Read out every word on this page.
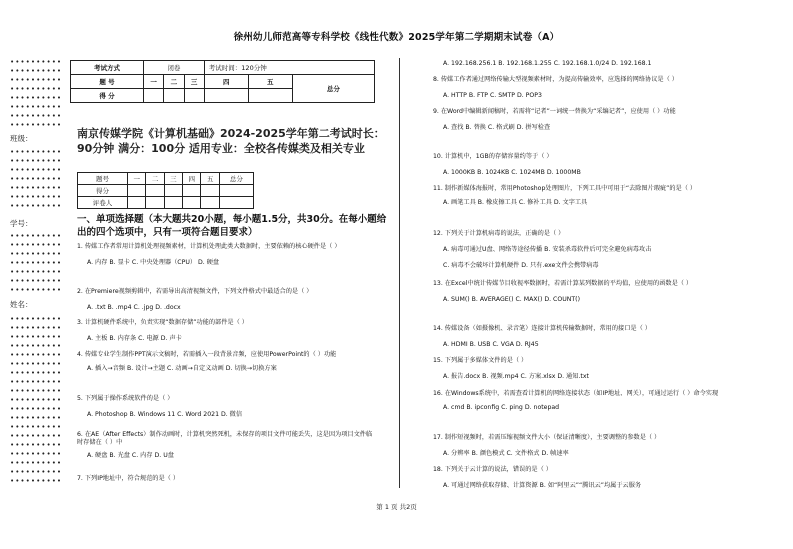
徐州幼儿师范高等专科学校《线性代数》2025学年第二学期期末试卷（A）
••••••••••
••••••••••
••••••••••
••••••••••
••••••••••
••••••••••
••••••••••
••••••••••
班级：
••••••••••
••••••••••
••••••••••
••••••••••
••••••••••
••••••••••
••••••••••
学号：
••••••••••
••••••••••
••••••••••
••••••••••
••••••••••
••••••••••
••••••••••
姓名：
••••••••••
••••••••••
••••••••••
••••••••••
••••••••••
••••••••••
••••••••••
••••••••••
••••••••••
••••••••••
••••••••••
••••••••••
••••••••••
••••••••••
••••••••••
••••••••••
••••••••••
••••••••••
••••••••••
考试方式	闭卷			考试时间：120分钟		
题 号	一	二	三	四	五	总分
得 分						
南京传媒学院《计算机基础》2024-2025学年第二考试时长：90分钟 满分：100分 适用专业：全校各传媒类及相关专业
题号	一	二	三	四	五	总分
得分						
评卷人						
一、单项选择题（本大题共20小题，每小题1.5分，共30分。在每小题给出的四个选项中，只有一项符合题目要求）
1. 传媒工作者常用计算机处理视频素材，计算机处理此类大数据时，主要依赖的核心硬件是（ ）
A. 内存 B. 显卡 C. 中央处理器（CPU） D. 硬盘
2. 在Premiere视频剪辑中，若需导出高清视频文件，下列文件格式中最适合的是（ ）
A. .txt B. .mp4 C. .jpg D. .docx
3. 计算机硬件系统中，负责实现“数据存储”功能的部件是（ ）
A. 主板 B. 内存条 C. 电源 D. 声卡
4. 传媒专业学生制作PPT演示文稿时，若需插入一段背景音频，应使用PowerPoint的（ ）功能
A. 插入→音频 B. 设计→主题 C. 动画→自定义动画 D. 切换→切换方案
5. 下列属于操作系统软件的是（ ）
A. Photoshop B. Windows 11 C. Word 2021 D. 微信
6. 在AE（After Effects）制作动画时，计算机突然死机，未保存的项目文件可能丢失，这是因为项目文件临时存储在（ ）中
A. 硬盘 B. 光盘 C. 内存 D. U盘
7. 下列IP地址中，符合规范的是（ ）
A. 192.168.256.1 B. 192.168.1.255 C. 192.168.1.0/24 D. 192.168.1
8. 传媒工作者通过网络传输大型视频素材时，为提高传输效率，应选择的网络协议是（ ）
A. HTTP B. FTP C. SMTP D. POP3
9. 在Word中编辑新闻稿时，若需将“记者”一词统一替换为“采编记者”，应使用（ ）功能
A. 查找 B. 替换 C. 格式刷 D. 拼写检查
10. 计算机中，1GB的存储容量约等于（ ）
A. 1000KB B. 1024KB C. 1024MB D. 1000MB
11. 制作新媒体海报时，常用Photoshop处理图片，下列工具中可用于“去除图片瑕疵”的是（ ）
A. 画笔工具 B. 橡皮擦工具 C. 修补工具 D. 文字工具
12. 下列关于计算机病毒的说法，正确的是（ ）
A. 病毒可通过U盘、网络等途径传播 B. 安装杀毒软件后可完全避免病毒攻击
C. 病毒不会破坏计算机硬件 D. 只有.exe文件会携带病毒
13. 在Excel中统计传媒节目收视率数据时，若需计算某列数据的平均值，应使用的函数是（ ）
A. SUM() B. AVERAGE() C. MAX() D. COUNT()
14. 传媒设备（如摄像机、录音笔）连接计算机传输数据时，常用的接口是（ ）
A. HDMI B. USB C. VGA D. RJ45
15. 下列属于多媒体文件的是（ ）
A. 报告.docx B. 视频.mp4 C. 方案.xlsx D. 通知.txt
16. 在Windows系统中，若需查看计算机的网络连接状态（如IP地址、网关），可通过运行（ ）命令实现
A. cmd B. ipconfig C. ping D. notepad
17. 制作短视频时，若需压缩视频文件大小（保证清晰度），主要调整的参数是（ ）
A. 分辨率 B. 颜色模式 C. 文件格式 D. 帧速率
18. 下列关于云计算的说法，错误的是（ ）
A. 可通过网络获取存储、计算资源 B. 如“阿里云”“腾讯云”均属于云服务
第 1 页 共2页
